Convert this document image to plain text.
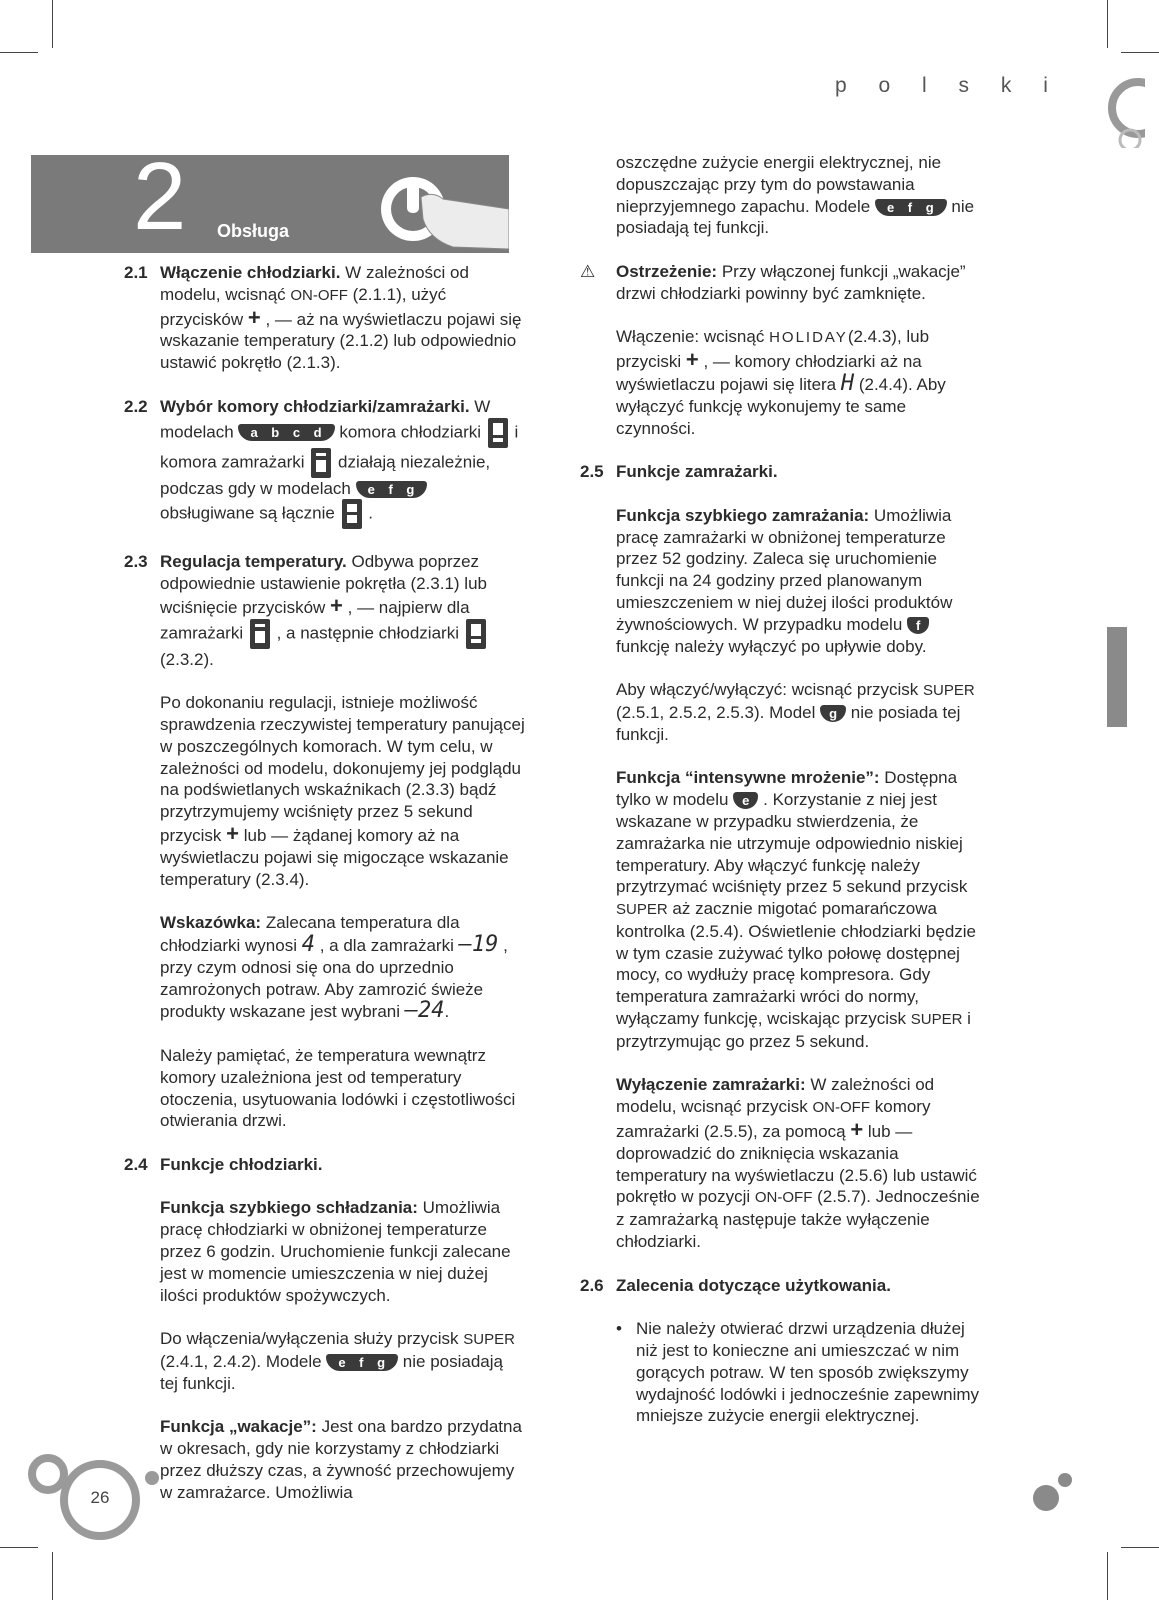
p o l s k i
2 Obsługa
2.1 Włączenie chłodziarki. W zależności od modelu, wcisnąć ON-OFF (2.1.1), użyć przycisków + , — aż na wyświetlaczu pojawi się wskazanie temperatury (2.1.2) lub odpowiednio ustawić pokrętło (2.1.3).
2.2 Wybór komory chłodziarki/zamrażarki. W modelach a b c d komora chłodziarki  i komora zamrażarki  działają niezależnie, podczas gdy w modelach e f g obsługiwane są łącznie  .
2.3 Regulacja temperatury. Odbywa poprzez odpowiednie ustawienie pokrętła (2.3.1) lub wciśnięcie przycisków + , — najpierw dla zamrażarki  , a następnie chłodziarki  (2.3.2).
Po dokonaniu regulacji, istnieje możliwość sprawdzenia rzeczywistej temperatury panującej w poszczególnych komorach. W tym celu, w zależności od modelu, dokonujemy jej podglądu na podświetlanych wskaźnikach (2.3.3) bądź przytrzymujemy wciśnięty przez 5 sekund przycisk + lub — żądanej komory aż na wyświetlaczu pojawi się migoczące wskazanie temperatury (2.3.4).
Wskazówka: Zalecana temperatura dla chłodziarki wynosi 4 , a dla zamrażarki –19 , przy czym odnosi się ona do uprzednio zamrożonych potraw. Aby zamrozić świeże produkty wskazane jest wybrani –24.
Należy pamiętać, że temperatura wewnątrz komory uzależniona jest od temperatury otoczenia, usytuowania lodówki i częstotliwości otwierania drzwi.
2.4 Funkcje chłodziarki.
Funkcja szybkiego schładzania: Umożliwia pracę chłodziarki w obniżonej temperaturze przez 6 godzin. Uruchomienie funkcji zalecane jest w momencie umieszczenia w niej dużej ilości produktów spożywczych.
Do włączenia/wyłączenia służy przycisk SUPER (2.4.1, 2.4.2). Modele e f g nie posiadają tej funkcji.
Funkcja „wakacje”: Jest ona bardzo przydatna w okresach, gdy nie korzystamy z chłodziarki przez dłuższy czas, a żywność przechowujemy w zamrażarce. Umożliwia
oszczędne zużycie energii elektrycznej, nie dopuszczając przy tym do powstawania nieprzyjemnego zapachu. Modele e f g nie posiadają tej funkcji.
⚠ Ostrzeżenie: Przy włączonej funkcji „wakacje” drzwi chłodziarki powinny być zamknięte.
Włączenie: wcisnąć HOLIDAY(2.4.3), lub przyciski + , — komory chłodziarki aż na wyświetlaczu pojawi się litera H (2.4.4). Aby wyłączyć funkcję wykonujemy te same czynności.
2.5 Funkcje zamrażarki.
Funkcja szybkiego zamrażania: Umożliwia pracę zamrażarki w obniżonej temperaturze przez 52 godziny. Zaleca się uruchomienie funkcji na 24 godziny przed planowanym umieszczeniem w niej dużej ilości produktów żywnościowych. W przypadku modelu f funkcję należy wyłączyć po upływie doby.
Aby włączyć/wyłączyć: wcisnąć przycisk SUPER (2.5.1, 2.5.2, 2.5.3). Model g nie posiada tej funkcji.
Funkcja “intensywne mrożenie”: Dostępna tylko w modelu e . Korzystanie z niej jest wskazane w przypadku stwierdzenia, że zamrażarka nie utrzymuje odpowiednio niskiej temperatury. Aby włączyć funkcję należy przytrzymać wciśnięty przez 5 sekund przycisk SUPER aż zacznie migotać pomarańczowa kontrolka (2.5.4). Oświetlenie chłodziarki będzie w tym czasie zużywać tylko połowę dostępnej mocy, co wydłuży pracę kompresora. Gdy temperatura zamrażarki wróci do normy, wyłączamy funkcję, wciskając przycisk SUPER i przytrzymując go przez 5 sekund.
Wyłączenie zamrażarki: W zależności od modelu, wcisnąć przycisk ON-OFF komory zamrażarki (2.5.5), za pomocą + lub — doprowadzić do zniknięcia wskazania temperatury na wyświetlaczu (2.5.6) lub ustawić pokrętło w pozycji ON-OFF (2.5.7). Jednocześnie z zamrażarką następuje także wyłączenie chłodziarki.
2.6 Zalecenia dotyczące użytkowania.
• Nie należy otwierać drzwi urządzenia dłużej niż jest to konieczne ani umieszczać w nim gorących potraw. W ten sposób zwiększymy wydajność lodówki i jednocześnie zapewnimy mniejsze zużycie energii elektrycznej.
26
